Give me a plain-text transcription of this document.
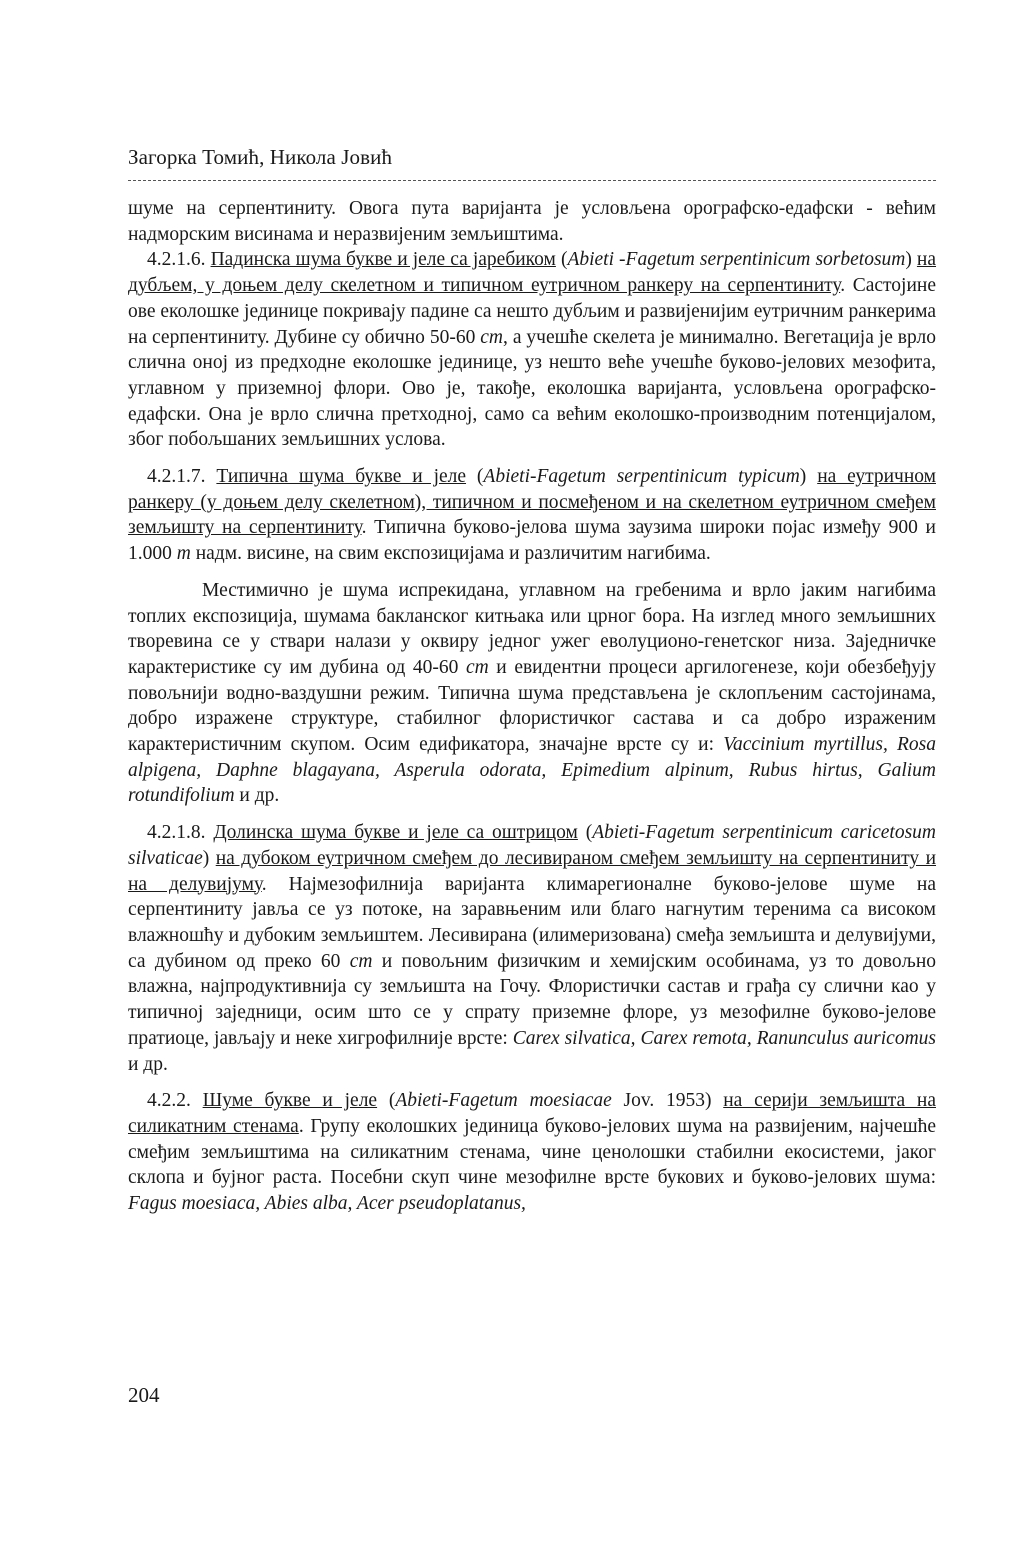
Загорка Томић, Никола Јовић

шуме на серпентиниту. Овога пута варијанта је условљена орографско-едафски - већим надморским висинама и неразвијеним земљиштима.

4.2.1.6. Падинска шума букве и јеле са јаребиком (Abieti -Fagetum serpentinicum sorbetosum) на дубљем, у доњем делу скелетном и типичном еутричном ранкеру на серпентиниту. Састојине ове еколошке јединице покривају падине са нешто дубљим и развијенијим еутричним ранкерима на серпентиниту. Дубине су обично 50-60 cm, а учешће скелета је минимално. Вегетација је врло слична оној из предходне еколошке јединице, уз нешто веће учешће буково-јелових мезофита, углавном у приземној флори. Ово је, такође, еколошка варијанта, условљена орографско-едафски. Она је врло слична претходној, само са већим еколошко-производним потенцијалом, због побољшаних земљишних услова.

4.2.1.7. Типична шума букве и јеле (Abieti-Fagetum serpentinicum typicum) на еутричном ранкеру (у доњем делу скелетном), типичном и посмеђеном и на скелетном еутричном смеђем земљишту на серпентиниту. Типична буково-јелова шума заузима широки појас између 900 и 1.000 m надм. висине, на свим експозицијама и различитим нагибима.

Местимично је шума испрекидана, углавном на гребенима и врло јаким нагибима топлих експозиција, шумама бакланског китњака или црног бора. На изглед много земљишних творевина се у ствари налази у оквиру једног ужег еволуционо-генетског низа. Заједничке карактеристике су им дубина од 40-60 cm и евидентни процеси аргилогенезе, који обезбеђују повољнији водно-ваздушни режим. Типична шума представљена је склопљеним састојинама, добро изражене структуре, стабилног флористичког састава и са добро израженим карактеристичним скупом. Осим едификатора, значајне врсте су и: Vaccinium myrtillus, Rosa alpigena, Daphne blagayana, Asperula odorata, Epimedium alpinum, Rubus hirtus, Galium rotundifolium и др.

4.2.1.8. Долинска шума букве и јеле са оштрицом (Abieti-Fagetum serpentinicum caricetosum silvaticae) на дубоком еутричном смеђем до лесивираном смеђем земљишту на серпентиниту и на делувијуму. Најмезофилнија варијанта климарегионалне буково-јелове шуме на серпентиниту јавља се уз потоке, на заравњеним или благо нагнутим теренима са високом влажношћу и дубоким земљиштем. Лесивирана (илимеризована) смеђа земљишта и делувијуми, са дубином од преко 60 cm и повољним физичким и хемијским особинама, уз то довољно влажна, најпродуктивнија су земљишта на Гочу. Флористички састав и грађа су слични као у типичној заједници, осим што се у спрату приземне флоре, уз мезофилне буково-јелове пратиоце, јављају и неке хигрофилније врсте: Carex silvatica, Carex remota, Ranunculus auricomus и др.

4.2.2. Шуме букве и јеле (Abieti-Fagetum moesiacae Jov. 1953) на серији земљишта на силикатним стенама. Групу еколошких јединица буково-јелових шума на развијеним, најчешће смеђим земљиштима на силикатним стенама, чине ценолошки стабилни екосистеми, јаког склопа и бујног раста. Посебни скуп чине мезофилне врсте букових и буково-јелових шума: Fagus moesiaca, Abies alba, Acer pseudoplatanus,

204
